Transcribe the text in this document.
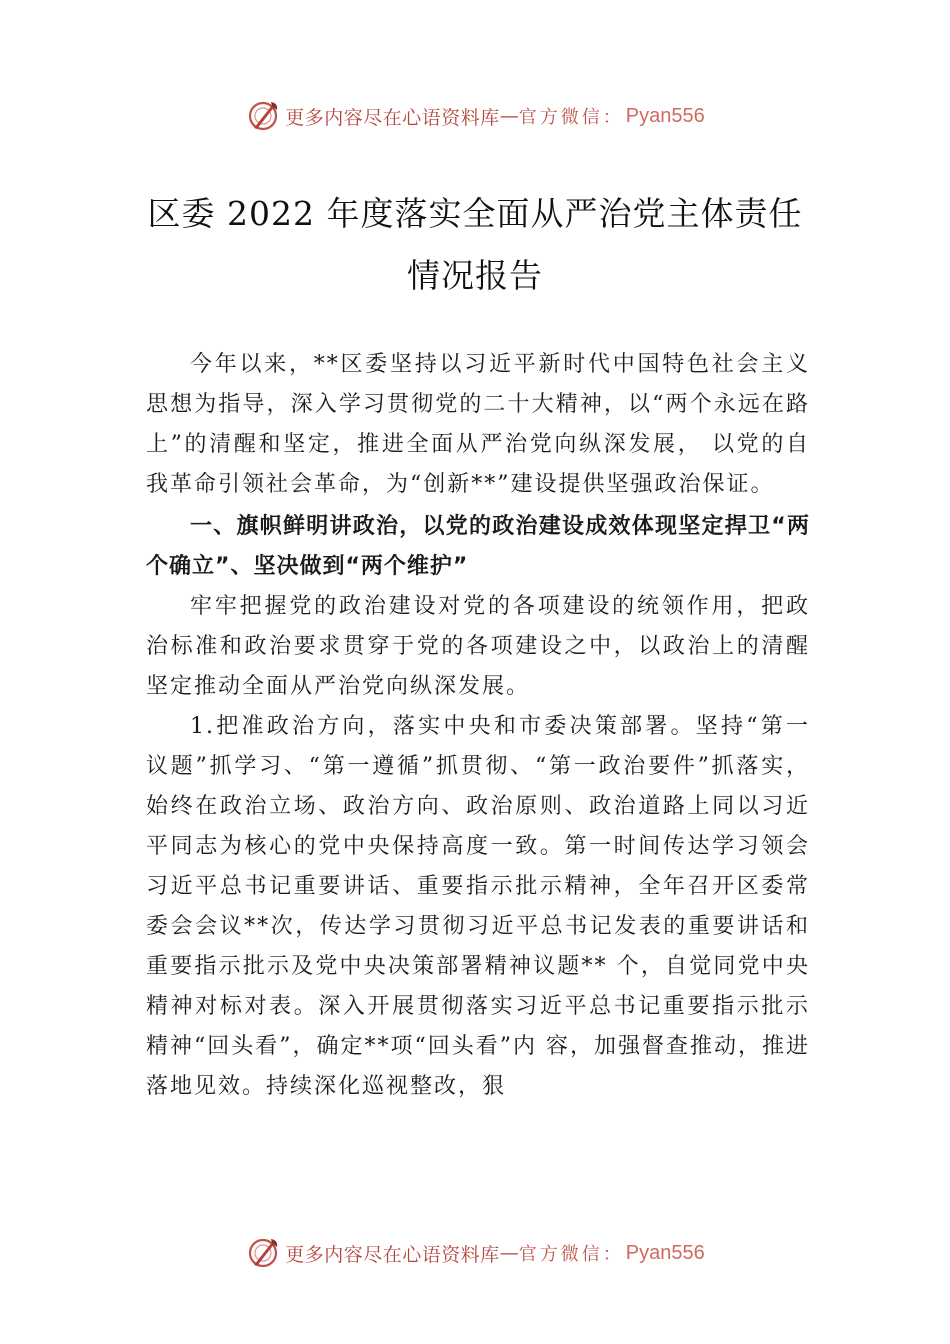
更多内容尽在心语资料库 — 官方微信： Pyan556
区委 2022 年度落实全面从严治党主体责任
情况报告

今年以来，**区委坚持以习近平新时代中国特色社会主义思想为指导，深入学习贯彻党的二十大精神，以“两个永远在路上”的清醒和坚定，推进全面从严治党向纵深发展， 以党的自我革命引领社会革命，为“创新**”建设提供坚强政治保证。

一、旗帜鲜明讲政治，以党的政治建设成效体现坚定捍卫“两个确立”、坚决做到“两个维护”

牢牢把握党的政治建设对党的各项建设的统领作用，把政治标准和政治要求贯穿于党的各项建设之中，以政治上的清醒坚定推动全面从严治党向纵深发展。

1.把准政治方向，落实中央和市委决策部署。坚持“第一 议题”抓学习、“第一遵循”抓贯彻、“第一政治要件”抓落实，始终在政治立场、政治方向、政治原则、政治道路上同以习近平同志为核心的党中央保持高度一致。第一时间传达学习领会习近平总书记重要讲话、重要指示批示精神，全年召开区委常委会会议**次，传达学习贯彻习近平总书记发表的重要讲话和重要指示批示及党中央决策部署精神议题** 个，自觉同党中央精神对标对表。深入开展贯彻落实习近平总书记重要指示批示精神“回头看”，确定**项“回头看”内 容，加强督查推动，推进落地见效。持续深化巡视整改，狠

更多内容尽在心语资料库 — 官方微信： Pyan556
